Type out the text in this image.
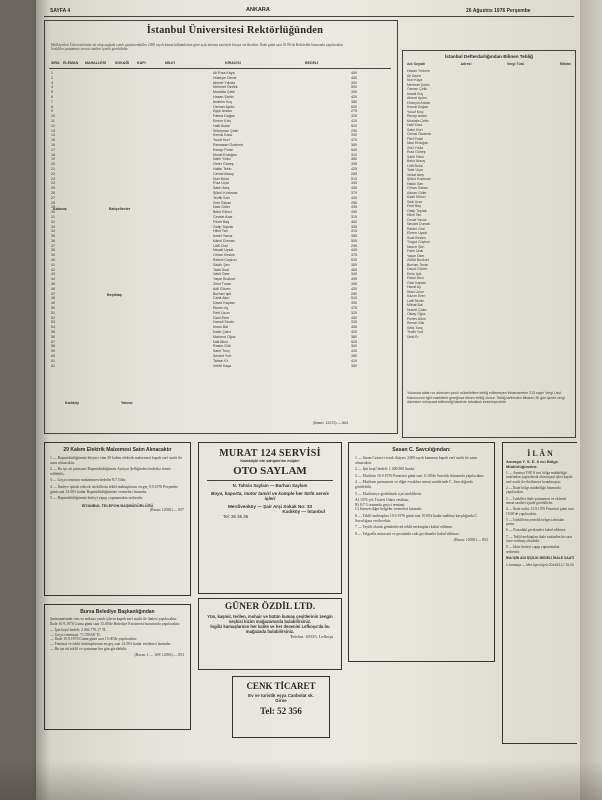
SAYFA 4	ANKARA	26 Ağustos 1976 Perşembe
İstanbul Üniversitesi Rektörlüğünden
Mülkiyetleri Üniversitemize ait olup aşağıda yazılı gayrimenkuller 2490 sayılı kanun hükümlerine göre açık artırma suretiyle kiraya verilecektir. İhale günü saat 10.00 da Rektörlük binasında yapılacaktır. İstekliler şartnameyi mesai saatleri içinde görebilirler.
SIRA ELEMAN	MAHALLESİ	SOKAĞI	KAPI	MİLKİ	KİRACISI	BEDELİ
1	Ali Rıza Kaya	400
2	Hüseyin Demir	450
3	Ahmet Yılmaz	300
4	Mehmet Öztürk	500
5	Mustafa Çelik	350
6	Hasan Şahin	420
7	İbrahim Koç	380
8	Osman Aydın	600
9	Ayşe Arslan	275
10	Fatma Doğan	325
11	Emine Kılıç	410
12	Halil Aslan	520
13	Süleyman Çetin	290
14	Kemal Kara	330
15	Yusuf Kurt	470
16	Ramazan Özdemir	360
17	Recep Polat	540
18	Murat Erdoğan	310
19	Salih Yıldız	480
20	Ömer Güneş	395
21	Hakkı Tekin	425
22	Cemal Aksoy	285
23	Nuri Bulut	515
24	Rıza Uçar	345
25	Sabri Ateş	455
26	Şükrü Korkmaz	370
27	Tevfik Sarı	405
28	Zeki Özkan	265
29	Naci Güler	435
30	Bekir Ekinci	490
31	Cevdet Acar	315
32	Fikret Baş	460
33	Galip Toprak	355
34	Hilmi Tan	415
35	İsmet Yavuz	385
36	Kâmil Duman	505
37	Lütfi Oral	295
38	Necati Uysal	445
39	Orhan Keskin	375
40	Rahmi Coşkun	530
41	Sadık Şen	305
42	Talat Ünal	465
43	Vahit Özer	340
44	Yaşar Bozkurt	495
45	Zihni Turan	365
46	Adil Güven	430
47	Burhan Işık	280
48	Cahit Akın	510
49	Davut Kaplan	390
50	Ekrem Ay	475
51	Ferit Uzun	320
52	Gani Eren	450
53	Hamdi Sevim	335
54	İhsan Bal	485
55	Kadir Çakır	400
56	Mahmut Oğuz	360
57	Nail Altun	525
58	Rasim Gök	300
59	Sami Tunç	440
60	Şevket Yurt	380
61	Tahsin Er	410
62	Vehbi Kaya	350
Kalamış	Bahçelievler
Beşiktaş
Kadıköy	Yalova
(Basın: 12073) — 863
İstanbul Defterdarlığından Bilinen Tebliğ
Adı Soyadı	Adresi	Vergi Türü	Miktarı
Hasan Yıldırım
Ali Demir
Nuri Kaya
Mehmet Şahin
Osman Çelik
İsmail Koç
Ahmet Aydın
Hüseyin Arslan
Kemal Doğan
Yusuf Kılıç
Recep Aslan
Mustafa Çetin
Halil Kara
Sabri Kurt
Cemal Özdemir
Fikri Polat
Naci Erdoğan
Zeki Yıldız
Rıza Güneş
Salih Tekin
Bekir Aksoy
Lütfi Bulut
Tahir Uçar
Vedat Ateş
Şükrü Korkmaz
Hakkı Sarı
Orhan Özkan
Adnan Güler
Kadri Ekinci
Sadi Acar
Ferit Baş
Galip Toprak
Hilmi Tan
Cevat Yavuz
Necdet Duman
Rahmi Oral
Ekrem Uysal
Suat Keskin
Turgut Coşkun
Nazım Şen
Fahri Ünal
Yaşar Özer
Zühtü Bozkurt
Burhan Turan
Davut Güven
Emin Işık
Faruk Akın
Gazi Kaplan
Hamit Ay
İlhan Uzun
Kâzım Eren
Latif Sevim
Mithat Bal
Nusret Çakır
Oktay Oğuz
Pertev Altun
Remzi Gök
Sefa Tunç
Tevfik Yurt
Ümit Er
Yukarıda adları ve adresleri yazılı mükelleflere tebliğ edilemeyen ihbarnameler 213 sayılı Vergi Usul Kanununun ilgili maddeleri gereğince ilânen tebliğ olunur. Tebliğ tarihinden itibaren 30 gün içinde vergi dairesine müracaat edilmediği takdirde tahakkuk kesinleşecektir.
29 Kalem Elektrik Malzemesi Satın Alınacaktır
1 — Başmüdürlüğümüz ihtiyacı olan 29 kalem elektrik malzemesi kapalı zarf usulü ile satın alınacaktır.
2 — Bu işe ait şartname Başmüdürlüğümüz Ayniyat Şefliğinden bedelsiz temin edilebilir.
3 — Geçici teminat muhammen bedelin %7.5'idir.
4 — İhaleye iştirak edecek isteklilerin teklif mektuplarını en geç 9.9.1976 Perşembe günü saat 14.00'e kadar Başmüdürlüğümüze vermeleri lazımdır.
5 — Başmüdürlüğümüz ihaleyi yapıp yapmamakta serbesttir.
İSTANBUL TELEFON BAŞMÜDÜRLÜĞÜ
(Basın: 12030) — 857
Bursa Belediye Başkanlığından
Şartnamesinde cins ve miktarı yazılı işlerin kapalı zarf usulü ile ihalesi yapılacaktır. İhale 10.9.1976 Cuma günü saat 15.00'de Belediye Encümeni huzurunda yapılacaktır.
— İşin keşif bedeli: 2.004.770,17 TL
— Geçici teminatı: 71.393,00 TL
— İhale 10.9.1976 Cuma günü saat 15.00'de yapılacaktır.
— Teminat ve teklif mektuplarının en geç saat 14.00'e kadar verilmesi lazımdır.
— Bu işe ait teklif ve şartname her gün görülebilir.
(Basın: 1 — 169/ 12056) — 853
MURAT 124 SERVİSİ
Kadıköylü ete sahiplerine müjde!
OTO SAYLAM
N. Tahsin Saylam — Burhan Saylam
Boya, kaporta, motor tamiri ve komple her türlü servis işleri
Merdivenköy — Şair Arşi Sokak No: 33
Kadıköy — İstanbul
Tel: 36 36 36
GÜNER ÖZDİL LTD.
Yün, kaşmir, terilen, mohair ve bütün kumaş çeşitlerinin zengin seçkisi bizim mağazamızda bulabilirsiniz.
İngiliz kumaşlarının her kalite ve her desenini Lefkoşa'da bu mağazada bulabilirsiniz.
Telefon: 65535, Lefkoşa
CENK TİCARET
Ev ve turistik eşya Canbolat sk. Girne
Tel: 52 356
Sasan C. Savcılığından:
1 — Sasan Cezaevi erzak ihtiyacı 2490 sayılı kanunun kapalı zarf usulü ile satın alınacaktır.
2 — İşin keşif bedeli: 1.200.000 liradır.
3 — Eksiltme 10.9.1976 Pazartesi günü saat 11.00'de Savcılık binasında yapılacaktır.
4 — Eksiltme şartnamesi ve diğer evrakları mesai saatlerinde C. Savcılığında görülebilir.
5 — Eksiltmeye girebilmek için isteklilerin:
A) 1976 yılı Ticaret Odası vesikası,
B) %7.5 oranında geçici teminat,
C) İstenen diğer belgeler vermeleri lazımdır.
6 — Teklif mektupları 10.9.1976 günü saat 10.00'a kadar makbuz karşılığında C. Savcılığına verilecektir.
7 — Teyitli olarak gönderilecek teklif mektupları kabul edilmez.
8 — Telgrafla müracaat ve postadaki vaki gecikmeler kabul edilmez.
(Basın: 12050) — 852
İ L Â N
Amasya Y. S. E. 8 nci Bölge Müdürlüğünden:
1 — Amasya YSE 8 inci bölge müdürlüğü tarafından yaptırılacak olan inşaat işleri kapalı zarf usulü ile eksiltmeye konulmuştur.
2 — İhale bölge müdürlüğü binasında yapılacaktır.
3 — İstekliler ihale şartnamesi ve eklerini mesai saatleri içinde görebilirler.
4 — İhale tarihi: 13.9.1976 Pazartesi günü saat 15.00'de yapılacaktır.
5 — İsteklilerin yeterlik belgesi almaları şarttır.
6 — Postadaki gecikmeler kabul edilmez.
7 — Teklif mektupları ihale saatinden bir saat önce verilmiş olmalıdır.
8 — İdare ihaleyi yapıp yapmamakta serbesttir.
İHA İŞİN ADI İŞÇİLİK BEDELİ İHALE SAATİ
1 Amasya — Mer-İlya köprü 204453,17 15,00
